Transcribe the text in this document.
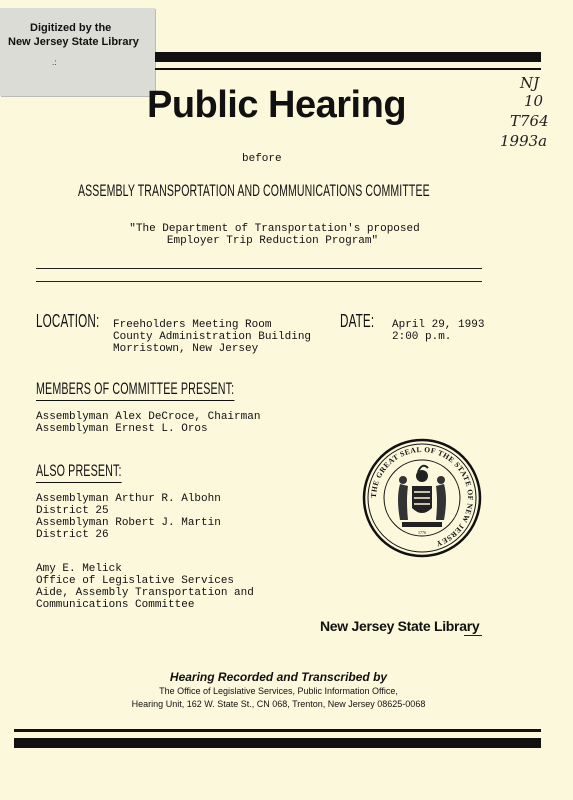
Digitized by the
New Jersey State Library
.:
Public Hearing
NJ
10
T764
1993a
before
ASSEMBLY TRANSPORTATION AND COMMUNICATIONS COMMITTEE
"The Department of Transportation's proposed
Employer Trip Reduction Program"
LOCATION: Freeholders Meeting Room
County Administration Building
Morristown, New Jersey
DATE: April 29, 1993
2:00 p.m.
MEMBERS OF COMMITTEE PRESENT:
Assemblyman Alex DeCroce, Chairman
Assemblyman Ernest L. Oros
ALSO PRESENT:
Assemblyman Arthur R. Albohn
District 25
Assemblyman Robert J. Martin
District 26
Amy E. Melick
Office of Legislative Services
Aide, Assembly Transportation and
Communications Committee
THE GREAT SEAL OF THE STATE OF NEW JERSEY
1776
New Jersey State Library
Hearing Recorded and Transcribed by
The Office of Legislative Services, Public Information Office,
Hearing Unit, 162 W. State St., CN 068, Trenton, New Jersey 08625-0068
